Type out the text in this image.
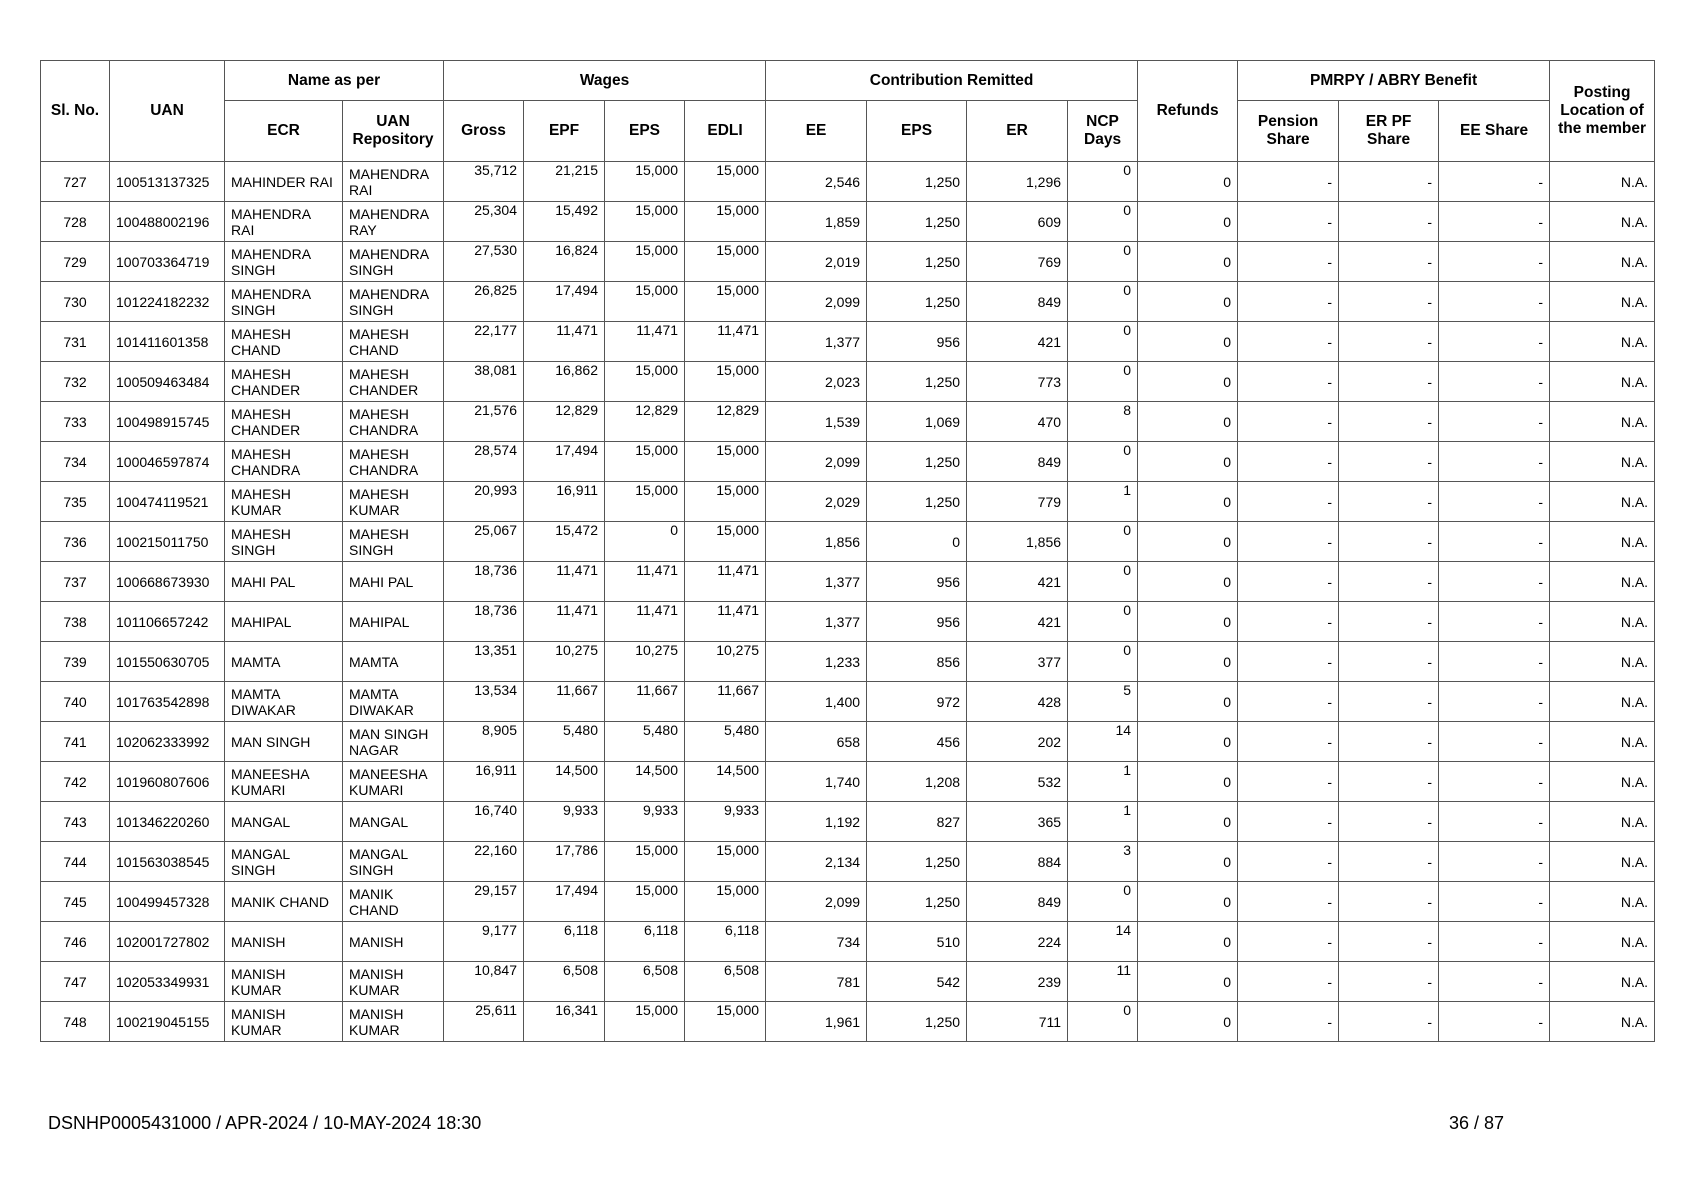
Sl. No.	UAN	Name as per		Wages				Contribution Remitted				Refunds	PMRPY / ABRY Benefit			Posting Location of the member
		ECR	UAN Repository	Gross	EPF	EPS	EDLI	EE	EPS	ER	NCP Days		Pension Share	ER PF Share	EE Share	
727	100513137325	MAHINDER RAI	MAHENDRA RAI	35,712	21,215	15,000	15,000	2,546	1,250	1,296	0	0	-	-	-	N.A.
728	100488002196	MAHENDRA RAI	MAHENDRA RAY	25,304	15,492	15,000	15,000	1,859	1,250	609	0	0	-	-	-	N.A.
729	100703364719	MAHENDRA SINGH	MAHENDRA SINGH	27,530	16,824	15,000	15,000	2,019	1,250	769	0	0	-	-	-	N.A.
730	101224182232	MAHENDRA SINGH	MAHENDRA SINGH	26,825	17,494	15,000	15,000	2,099	1,250	849	0	0	-	-	-	N.A.
731	101411601358	MAHESH CHAND	MAHESH CHAND	22,177	11,471	11,471	11,471	1,377	956	421	0	0	-	-	-	N.A.
732	100509463484	MAHESH CHANDER	MAHESH CHANDER	38,081	16,862	15,000	15,000	2,023	1,250	773	0	0	-	-	-	N.A.
733	100498915745	MAHESH CHANDER	MAHESH CHANDRA	21,576	12,829	12,829	12,829	1,539	1,069	470	8	0	-	-	-	N.A.
734	100046597874	MAHESH CHANDRA	MAHESH CHANDRA	28,574	17,494	15,000	15,000	2,099	1,250	849	0	0	-	-	-	N.A.
735	100474119521	MAHESH KUMAR	MAHESH KUMAR	20,993	16,911	15,000	15,000	2,029	1,250	779	1	0	-	-	-	N.A.
736	100215011750	MAHESH SINGH	MAHESH SINGH	25,067	15,472	0	15,000	1,856	0	1,856	0	0	-	-	-	N.A.
737	100668673930	MAHI PAL	MAHI PAL	18,736	11,471	11,471	11,471	1,377	956	421	0	0	-	-	-	N.A.
738	101106657242	MAHIPAL	MAHIPAL	18,736	11,471	11,471	11,471	1,377	956	421	0	0	-	-	-	N.A.
739	101550630705	MAMTA	MAMTA	13,351	10,275	10,275	10,275	1,233	856	377	0	0	-	-	-	N.A.
740	101763542898	MAMTA DIWAKAR	MAMTA DIWAKAR	13,534	11,667	11,667	11,667	1,400	972	428	5	0	-	-	-	N.A.
741	102062333992	MAN SINGH	MAN SINGH NAGAR	8,905	5,480	5,480	5,480	658	456	202	14	0	-	-	-	N.A.
742	101960807606	MANEESHA KUMARI	MANEESHA KUMARI	16,911	14,500	14,500	14,500	1,740	1,208	532	1	0	-	-	-	N.A.
743	101346220260	MANGAL	MANGAL	16,740	9,933	9,933	9,933	1,192	827	365	1	0	-	-	-	N.A.
744	101563038545	MANGAL SINGH	MANGAL SINGH	22,160	17,786	15,000	15,000	2,134	1,250	884	3	0	-	-	-	N.A.
745	100499457328	MANIK CHAND	MANIK CHAND	29,157	17,494	15,000	15,000	2,099	1,250	849	0	0	-	-	-	N.A.
746	102001727802	MANISH	MANISH	9,177	6,118	6,118	6,118	734	510	224	14	0	-	-	-	N.A.
747	102053349931	MANISH KUMAR	MANISH KUMAR	10,847	6,508	6,508	6,508	781	542	239	11	0	-	-	-	N.A.
748	100219045155	MANISH KUMAR	MANISH KUMAR	25,611	16,341	15,000	15,000	1,961	1,250	711	0	0	-	-	-	N.A.
DSNHP0005431000 / APR-2024 / 10-MAY-2024 18:30	36 / 87
